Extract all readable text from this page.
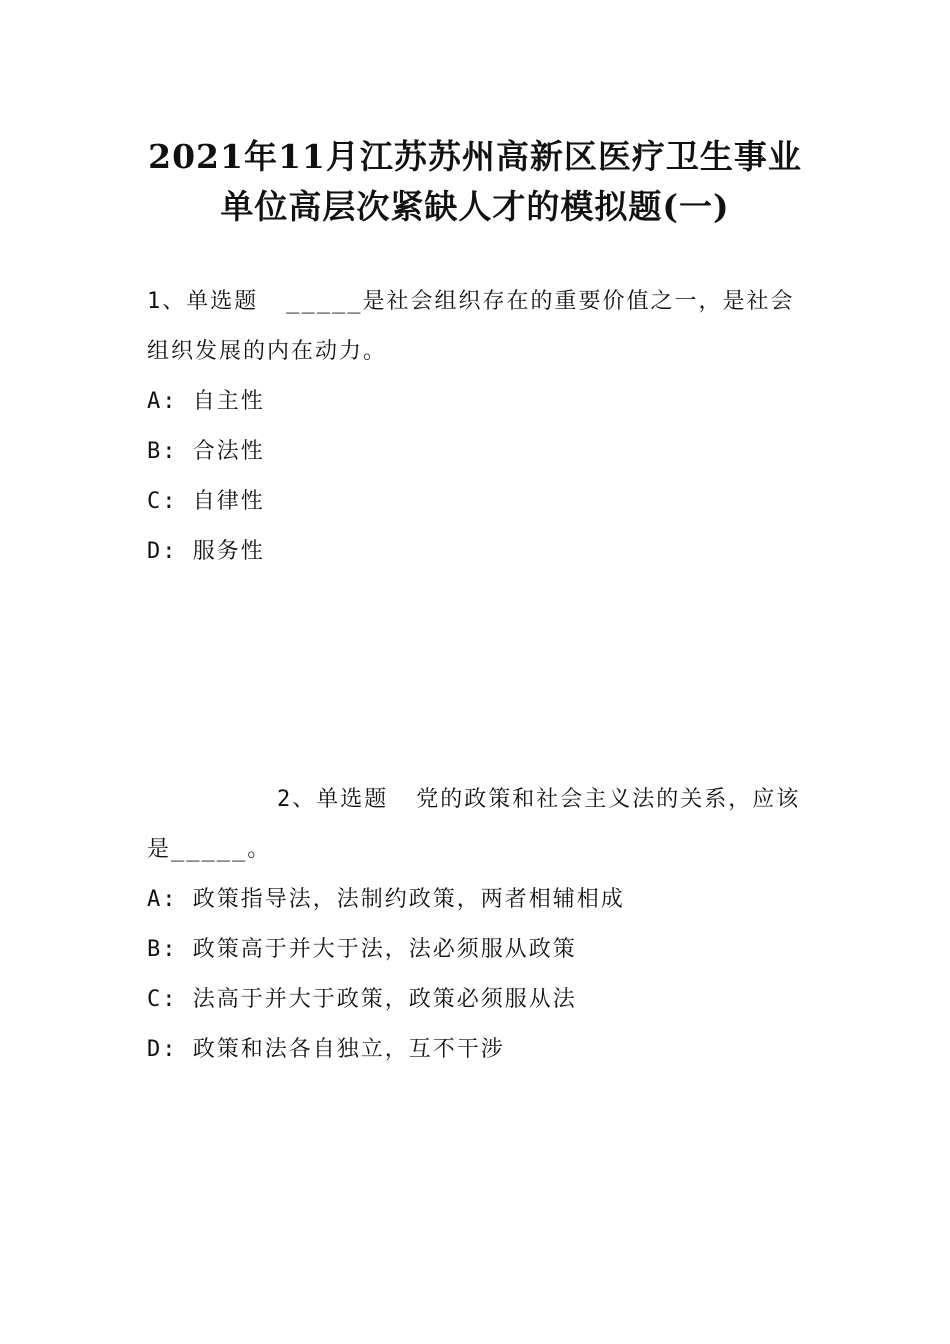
2021年11月江苏苏州高新区医疗卫生事业
单位高层次紧缺人才的模拟题(一)

1、单选题 _____是社会组织存在的重要价值之一，是社会组织发展的内在动力。

A: 自主性
B: 合法性
C: 自律性
D: 服务性

2、单选题 党的政策和社会主义法的关系，应该是_____。

A: 政策指导法，法制约政策，两者相辅相成
B: 政策高于并大于法，法必须服从政策
C: 法高于并大于政策，政策必须服从法
D: 政策和法各自独立，互不干涉
